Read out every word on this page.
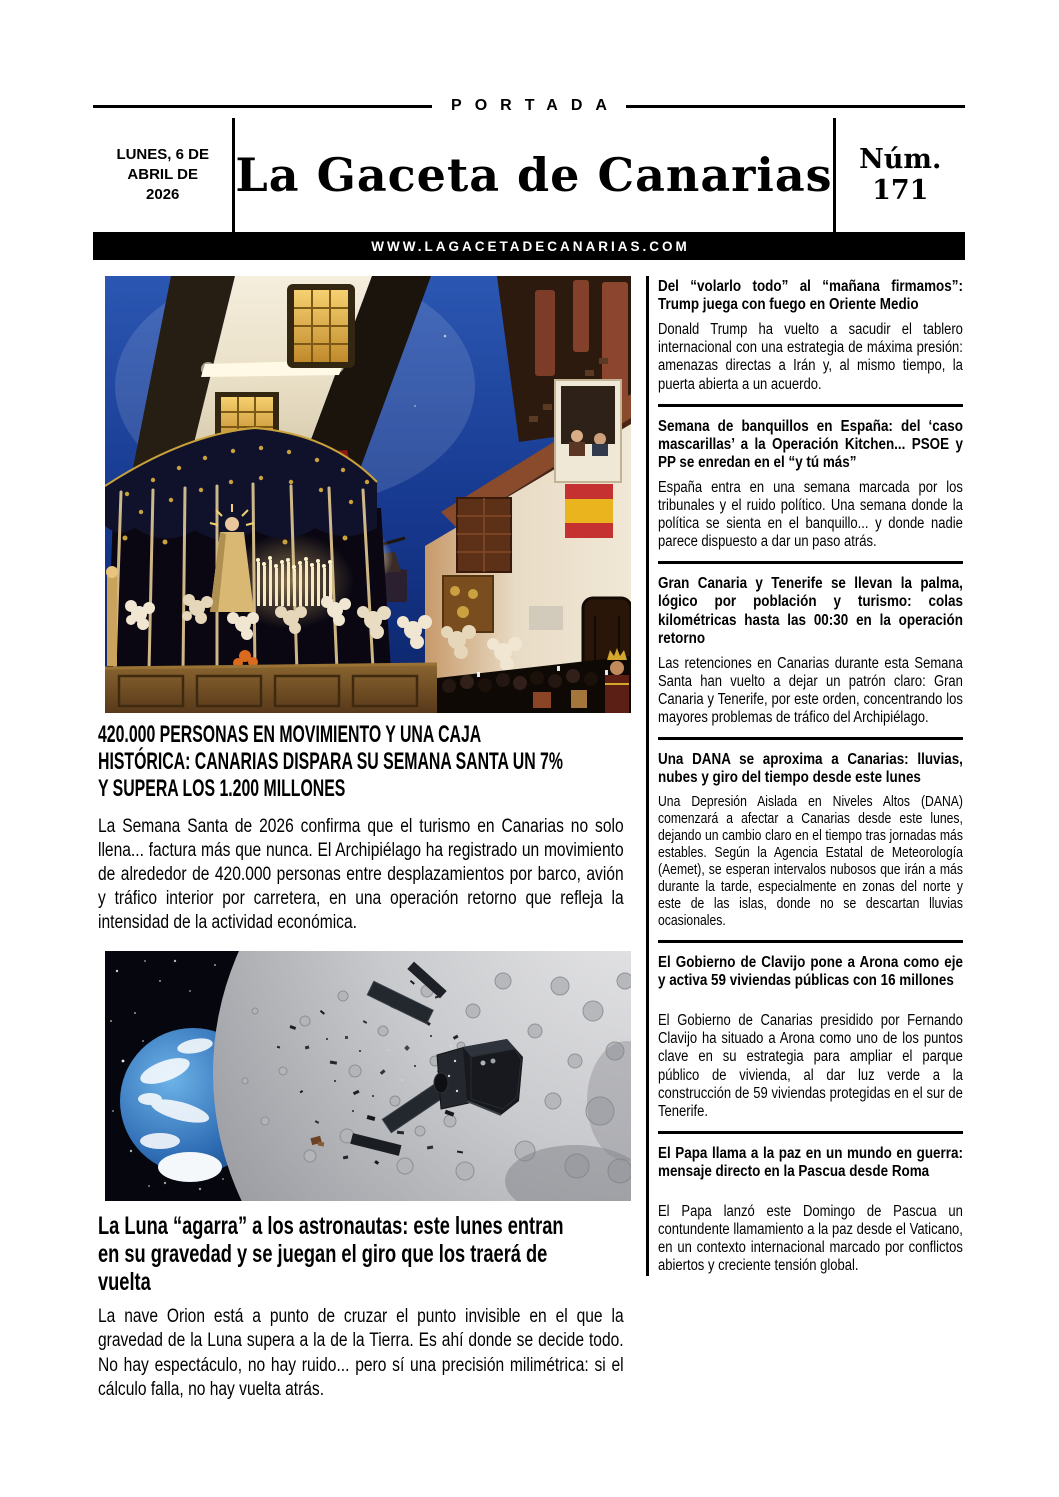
PORTADA
LUNES, 6 DE
ABRIL DE
2026	La Gaceta de Canarias Núm.
171
WWW.LAGACETADECANARIAS.COM
420.000 PERSONAS EN MOVIMIENTO Y UNA CAJA
HISTÓRICA: CANARIAS DISPARA SU SEMANA SANTA UN 7%
Y SUPERA LOS 1.200 MILLONES

La Semana Santa de 2026 confirma que el turismo en Canarias no solo llena... factura más que nunca. El Archipiélago ha registrado un movimiento de alrededor de 420.000 personas entre desplazamientos por barco, avión y tráfico interior por carretera, en una operación retorno que refleja la intensidad de la actividad económica.

La Luna “agarra” a los astronautas: este lunes entran
en su gravedad y se juegan el giro que los traerá de
vuelta

La nave Orion está a punto de cruzar el punto invisible en el que la gravedad de la Luna supera a la de la Tierra. Es ahí donde se decide todo. No hay espectáculo, no hay ruido... pero sí una precisión milimétrica: si el cálculo falla, no hay vuelta atrás.

Del “volarlo todo” al “mañana firmamos”: Trump juega con fuego en Oriente Medio
Donald Trump ha vuelto a sacudir el tablero internacional con una estrategia de máxima presión: amenazas directas a Irán y, al mismo tiempo, la puerta abierta a un acuerdo.
Semana de banquillos en España: del ‘caso mascarillas’ a la Operación Kitchen... PSOE y PP se enredan en el “y tú más”
España entra en una semana marcada por los tribunales y el ruido político. Una semana donde la política se sienta en el banquillo... y donde nadie parece dispuesto a dar un paso atrás.
Gran Canaria y Tenerife se llevan la palma, lógico por población y turismo: colas kilométricas hasta las 00:30 en la operación retorno
Las retenciones en Canarias durante esta Semana Santa han vuelto a dejar un patrón claro: Gran Canaria y Tenerife, por este orden, concentrando los mayores problemas de tráfico del Archipiélago.
Una DANA se aproxima a Canarias: lluvias, nubes y giro del tiempo desde este lunes
Una Depresión Aislada en Niveles Altos (DANA) comenzará a afectar a Canarias desde este lunes, dejando un cambio claro en el tiempo tras jornadas más estables. Según la Agencia Estatal de Meteorología (Aemet), se esperan intervalos nubosos que irán a más durante la tarde, especialmente en zonas del norte y este de las islas, donde no se descartan lluvias ocasionales.
El Gobierno de Clavijo pone a Arona como eje y activa 59 viviendas públicas con 16 millones
El Gobierno de Canarias presidido por Fernando Clavijo ha situado a Arona como uno de los puntos clave en su estrategia para ampliar el parque público de vivienda, al dar luz verde a la construcción de 59 viviendas protegidas en el sur de Tenerife.
El Papa llama a la paz en un mundo en guerra: mensaje directo en la Pascua desde Roma
El Papa lanzó este Domingo de Pascua un contundente llamamiento a la paz desde el Vaticano, en un contexto internacional marcado por conflictos abiertos y creciente tensión global.
